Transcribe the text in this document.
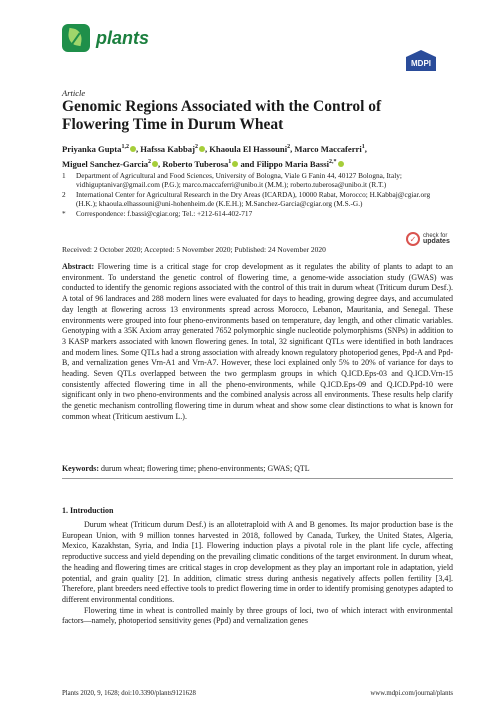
plants
MDPI
Article
Genomic Regions Associated with the Control of Flowering Time in Durum Wheat
Priyanka Gupta$^{1,2}$ , Hafssa Kabbaj$^2$ , Khaoula El Hassouni$^2$, Marco Maccaferri$^1$,
Miguel Sanchez-Garcia$^2$ , Roberto Tuberosa$^1$ and Filippo Maria Bassi$^{2,*}$
1	Department of Agricultural and Food Sciences, University of Bologna, Viale G Fanin 44, 40127 Bologna, Italy; vidhiguptanivar@gmail.com (P.G.); marco.maccaferri@unibo.it (M.M.); roberto.tuberosa@unibo.it (R.T.)
2	International Center for Agricultural Research in the Dry Areas (ICARDA), 10000 Rabat, Morocco; H.Kabbaj@cgiar.org (H.K.); khaoula.elhassouni@uni-hohenheim.de (K.E.H.); M.Sanchez-Garcia@cgiar.org (M.S.-G.)
*	Correspondence: f.bassi@cgiar.org; Tel.: +212-614-402-717
✓	check for
updates
Received: 2 October 2020; Accepted: 5 November 2020; Published: 24 November 2020
Abstract: Flowering time is a critical stage for crop development as it regulates the ability of plants to adapt to an environment. To understand the genetic control of flowering time, a genome-wide association study (GWAS) was conducted to identify the genomic regions associated with the control of this trait in durum wheat (Triticum durum Desf.). A total of 96 landraces and 288 modern lines were evaluated for days to heading, growing degree days, and accumulated day length at flowering across 13 environments spread across Morocco, Lebanon, Mauritania, and Senegal. These environments were grouped into four pheno-environments based on temperature, day length, and other climatic variables. Genotyping with a 35K Axiom array generated 7652 polymorphic single nucleotide polymorphisms (SNPs) in addition to 3 KASP markers associated with known flowering genes. In total, 32 significant QTLs were identified in both landraces and modern lines. Some QTLs had a strong association with already known regulatory photoperiod genes, Ppd-A and Ppd-B, and vernalization genes Vrn-A1 and Vrn-A7. However, these loci explained only 5% to 20% of variance for days to heading. Seven QTLs overlapped between the two germplasm groups in which Q.ICD.Eps-03 and Q.ICD.Vrn-15 consistently affected flowering time in all the pheno-environments, while Q.ICD.Eps-09 and Q.ICD.Ppd-10 were significant only in two pheno-environments and the combined analysis across all environments. These results help clarify the genetic mechanism controlling flowering time in durum wheat and show some clear distinctions to what is known for common wheat (Triticum aestivum L.).
Keywords: durum wheat; flowering time; pheno-environments; GWAS; QTL
1. Introduction

Durum wheat (Triticum durum Desf.) is an allotetraploid with A and B genomes. Its major production base is the European Union, with 9 million tonnes harvested in 2018, followed by Canada, Turkey, the United States, Algeria, Mexico, Kazakhstan, Syria, and India [1]. Flowering induction plays a pivotal role in the plant life cycle, affecting reproductive success and yield depending on the prevailing climatic conditions of the target environment. In durum wheat, the heading and flowering times are critical stages in crop development as they play an important role in adaptation, yield potential, and grain quality [2]. In addition, climatic stress during anthesis negatively affects pollen fertility [3,4]. Therefore, plant breeders need effective tools to predict flowering time in order to identify promising genotypes adapted to different environmental conditions.

Flowering time in wheat is controlled mainly by three groups of loci, two of which interact with environmental factors—namely, photoperiod sensitivity genes (Ppd) and vernalization genes

Plants 2020, 9, 1628; doi:10.3390/plants9121628	www.mdpi.com/journal/plants
